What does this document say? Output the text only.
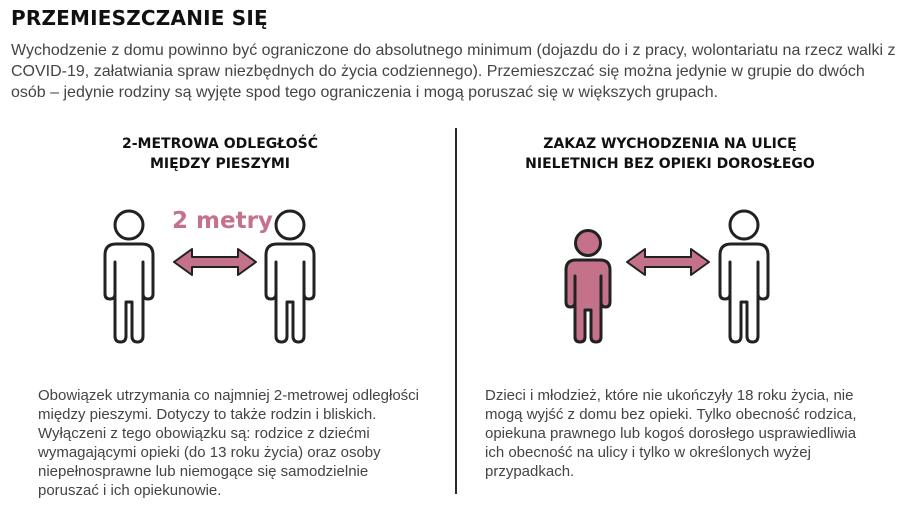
PRZEMIESZCZANIE SIĘ
Wychodzenie z domu powinno być ograniczone do absolutnego minimum (dojazdu do i z pracy, wolontariatu na rzecz walki z COVID-19, załatwiania spraw niezbędnych do życia codziennego). Przemieszczać się można jedynie w grupie do dwóch osób – jedynie rodziny są wyjęte spod tego ograniczenia i mogą poruszać się w większych grupach.
2-METROWA ODLEGŁOŚĆ
MIĘDZY PIESZYMI
2 metry
Obowiązek utrzymania co najmniej 2-metrowej odległości
między pieszymi. Dotyczy to także rodzin i bliskich.
Wyłączeni z tego obowiązku są: rodzice z dziećmi
wymagającymi opieki (do 13 roku życia) oraz osoby
niepełnosprawne lub niemogące się samodzielnie
poruszać i ich opiekunowie.
ZAKAZ WYCHODZENIA NA ULICĘ
NIELETNICH BEZ OPIEKI DOROSŁEGO
Dzieci i młodzież, które nie ukończyły 18 roku życia, nie
mogą wyjść z domu bez opieki. Tylko obecność rodzica,
opiekuna prawnego lub kogoś dorosłego usprawiedliwia
ich obecność na ulicy i tylko w określonych wyżej
przypadkach.
